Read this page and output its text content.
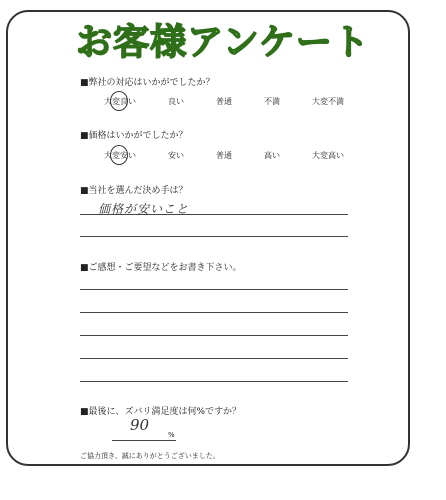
お客様アンケート
■弊社の対応はいかがでしたか？
大変良い	良い	普通	不満	大変不満
■価格はいかがでしたか？
大変安い	安い	普通	高い	大変高い
■当社を選んだ決め手は？
価格が安いこと
■ご感想・ご要望などをお書き下さい。
■最後に、ズバリ満足度は何%ですか？
90
%
ご協力頂き、誠にありがとうございました。
